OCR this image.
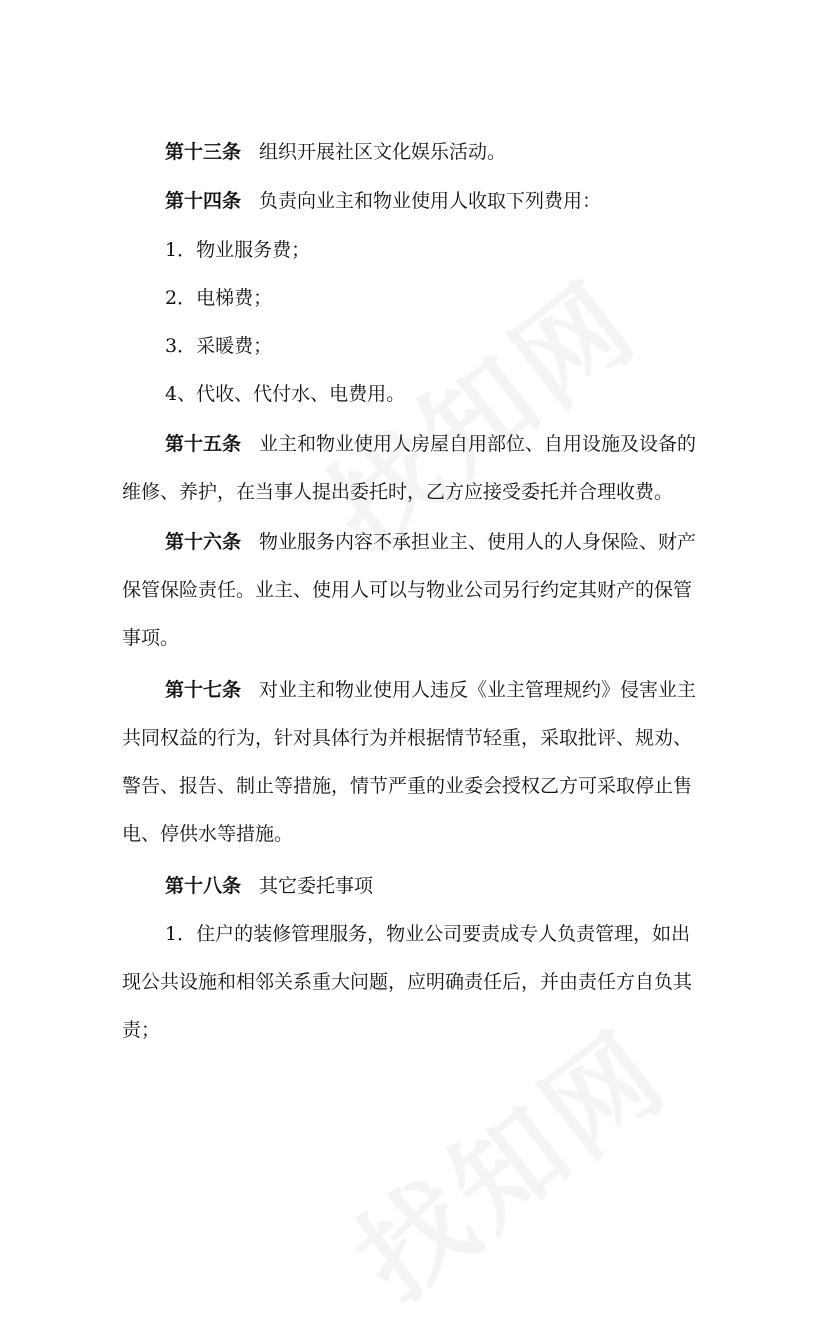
第十三条 组织开展社区文化娱乐活动。
第十四条 负责向业主和物业使用人收取下列费用：
1．物业服务费；
2．电梯费；
3．采暖费；
4、代收、代付水、电费用。
第十五条 业主和物业使用人房屋自用部位、自用设施及设备的
维修、养护，在当事人提出委托时，乙方应接受委托并合理收费。
第十六条 物业服务内容不承担业主、使用人的人身保险、财产
保管保险责任。业主、使用人可以与物业公司另行约定其财产的保管
事项。
第十七条 对业主和物业使用人违反《业主管理规约》侵害业主
共同权益的行为，针对具体行为并根据情节轻重，采取批评、规劝、
警告、报告、制止等措施，情节严重的业委会授权乙方可采取停止售
电、停供水等措施。
第十八条 其它委托事项
1．住户的装修管理服务，物业公司要责成专人负责管理，如出
现公共设施和相邻关系重大问题，应明确责任后，并由责任方自负其
责；
